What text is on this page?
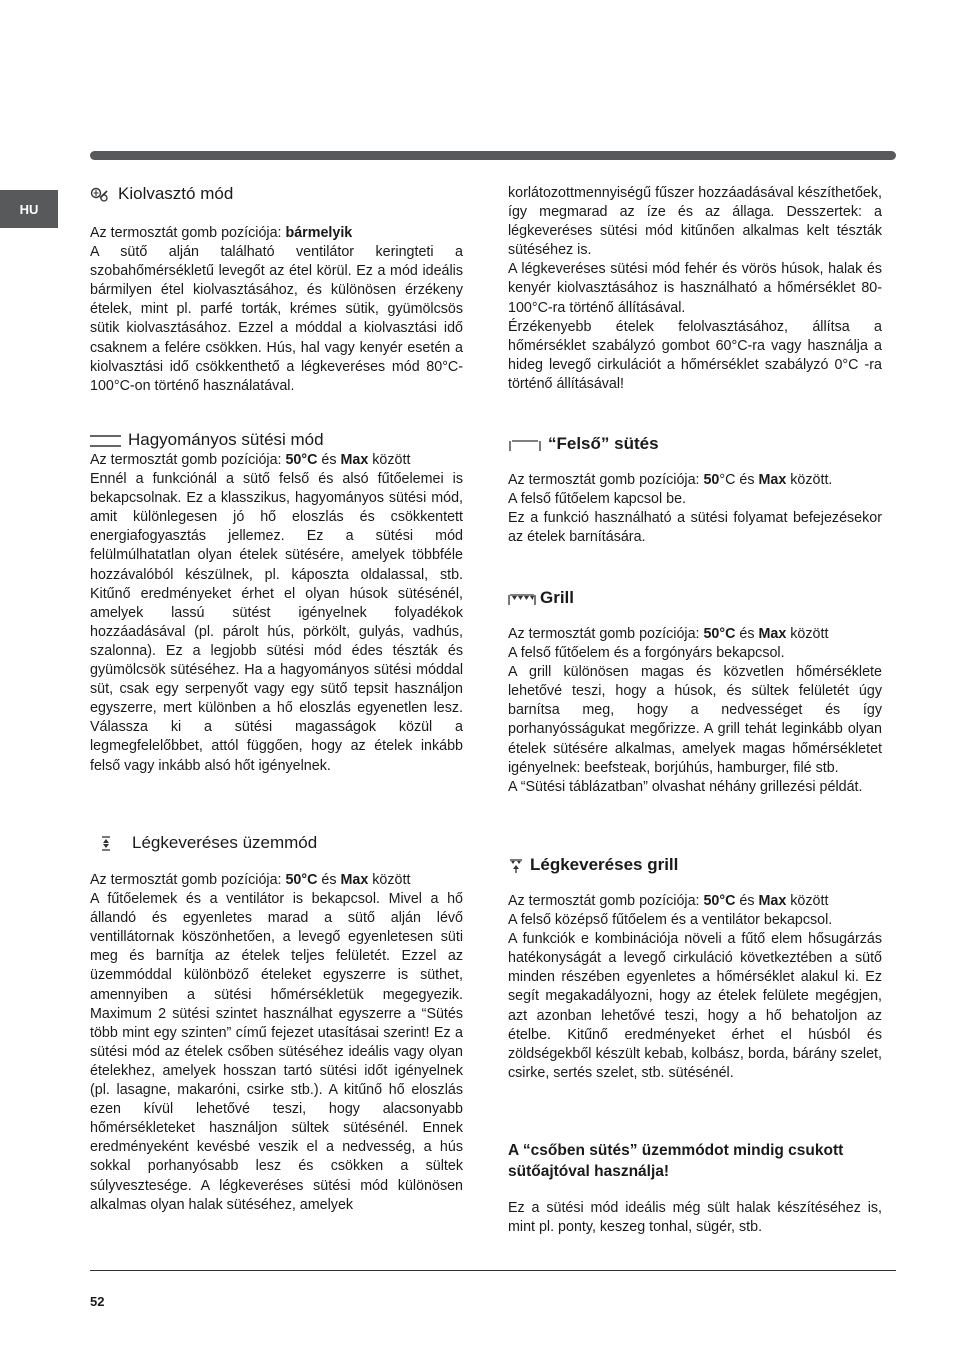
HU
Kiolvasztó mód

Az termosztát gomb pozíciója: bármelyik

A sütő alján található ventilátor keringteti a szobahőmérsékletű levegőt az étel körül. Ez a mód ideális bármilyen étel kiolvasztásához, és különösen érzékeny ételek, mint pl. parfé torták, krémes sütik, gyümölcsös sütik kiolvasztásához. Ezzel a móddal a kiolvasztási idő csaknem a felére csökken. Hús, hal vagy kenyér esetén a kiolvasztási idő csökkenthető a légkeveréses mód 80°C-100°C-on történő használatával.

Hagyományos sütési mód

Az termosztát gomb pozíciója: 50°C és Max között

Ennél a funkciónál a sütő felső és alsó fűtőelemei is bekapcsolnak. Ez a klasszikus, hagyományos sütési mód, amit különlegesen jó hő eloszlás és csökkentett energiafogyasztás jellemez. Ez a sütési mód felülmúlhatatlan olyan ételek sütésére, amelyek többféle hozzávalóból készülnek, pl. káposzta oldalassal, stb. Kitűnő eredményeket érhet el olyan húsok sütésénél, amelyek lassú sütést igényelnek folyadékok hozzáadásával (pl. párolt hús, pörkölt, gulyás, vadhús, szalonna). Ez a legjobb sütési mód édes tészták és gyümölcsök sütéséhez. Ha a hagyományos sütési móddal süt, csak egy serpenyőt vagy egy sütő tepsit használjon egyszerre, mert különben a hő eloszlás egyenetlen lesz. Válassza ki a sütési magasságok közül a legmegfelelőbbet, attól függően, hogy az ételek inkább felső vagy inkább alsó hőt igényelnek.

Légkeveréses üzemmód

Az termosztát gomb pozíciója: 50°C és Max között

A fűtőelemek és a ventilátor is bekapcsol. Mivel a hő állandó és egyenletes marad a sütő alján lévő ventillátornak köszönhetően, a levegő egyenletesen süti meg és barnítja az ételek teljes felületét. Ezzel az üzemmóddal különböző ételeket egyszerre is süthet, amennyiben a sütési hőmérsékletük megegyezik. Maximum 2 sütési szintet használhat egyszerre a “Sütés több mint egy szinten” című fejezet utasításai szerint! Ez a sütési mód az ételek csőben sütéséhez ideális vagy olyan ételekhez, amelyek hosszan tartó sütési időt igényelnek (pl. lasagne, makaróni, csirke stb.). A kitűnő hő eloszlás ezen kívül lehetővé teszi, hogy alacsonyabb hőmérsékleteket használjon sültek sütésénél. Ennek eredményeként kevésbé veszik el a nedvesség, a hús sokkal porhanyósabb lesz és csökken a sültek súlyvesztesége. A légkeveréses sütési mód különösen alkalmas olyan halak sütéséhez, amelyek

korlátozottmennyiségű fűszer hozzáadásával készíthetőek, így megmarad az íze és az állaga. Desszertek: a légkeveréses sütési mód kitűnően alkalmas kelt tészták sütéséhez is.
A légkeveréses sütési mód fehér és vörös húsok, halak és kenyér kiolvasztásához is használható a hőmérséklet 80-100°C-ra történő állításával.
Érzékenyebb ételek felolvasztásához, állítsa a hőmérséklet szabályzó gombot 60°C-ra vagy használja a hideg levegő cirkulációt a hőmérséklet szabályzó 0°C -ra történő állításával!

“Felső” sütés

Az termosztát gomb pozíciója: 50°C és Max között.

A felső fűtőelem kapcsol be.
Ez a funkció használható a sütési folyamat befejezésekor az ételek barnítására.

Grill

Az termosztát gomb pozíciója: 50°C és Max között

A felső fűtőelem és a forgónyárs bekapcsol.
A grill különösen magas és közvetlen hőmérséklete lehetővé teszi, hogy a húsok, és sültek felületét úgy barnítsa meg, hogy a nedvességet és így porhanyósságukat megőrizze. A grill tehát leginkább olyan ételek sütésére alkalmas, amelyek magas hőmérsékletet igényelnek: beefsteak, borjúhús, hamburger, filé stb.
A “Sütési táblázatban” olvashat néhány grillezési példát.

Légkeveréses grill

Az termosztát gomb pozíciója: 50°C és Max között

A felső középső fűtőelem és a ventilátor bekapcsol.
A funkciók e kombinációja növeli a fűtő elem hősugárzás hatékonyságát a levegő cirkuláció következtében a sütő minden részében egyenletes a hőmérséklet alakul ki. Ez segít megakadályozni, hogy az ételek felülete megégjen, azt azonban lehetővé teszi, hogy a hő behatoljon az ételbe. Kitűnő eredményeket érhet el húsból és zöldségekből készült kebab, kolbász, borda, bárány szelet, csirke, sertés szelet, stb. sütésénél.

A “csőben sütés” üzemmódot mindig csukott sütőajtóval használja!

Ez a sütési mód ideális még sült halak készítéséhez is, mint pl. ponty, keszeg tonhal, sügér, stb.

52
